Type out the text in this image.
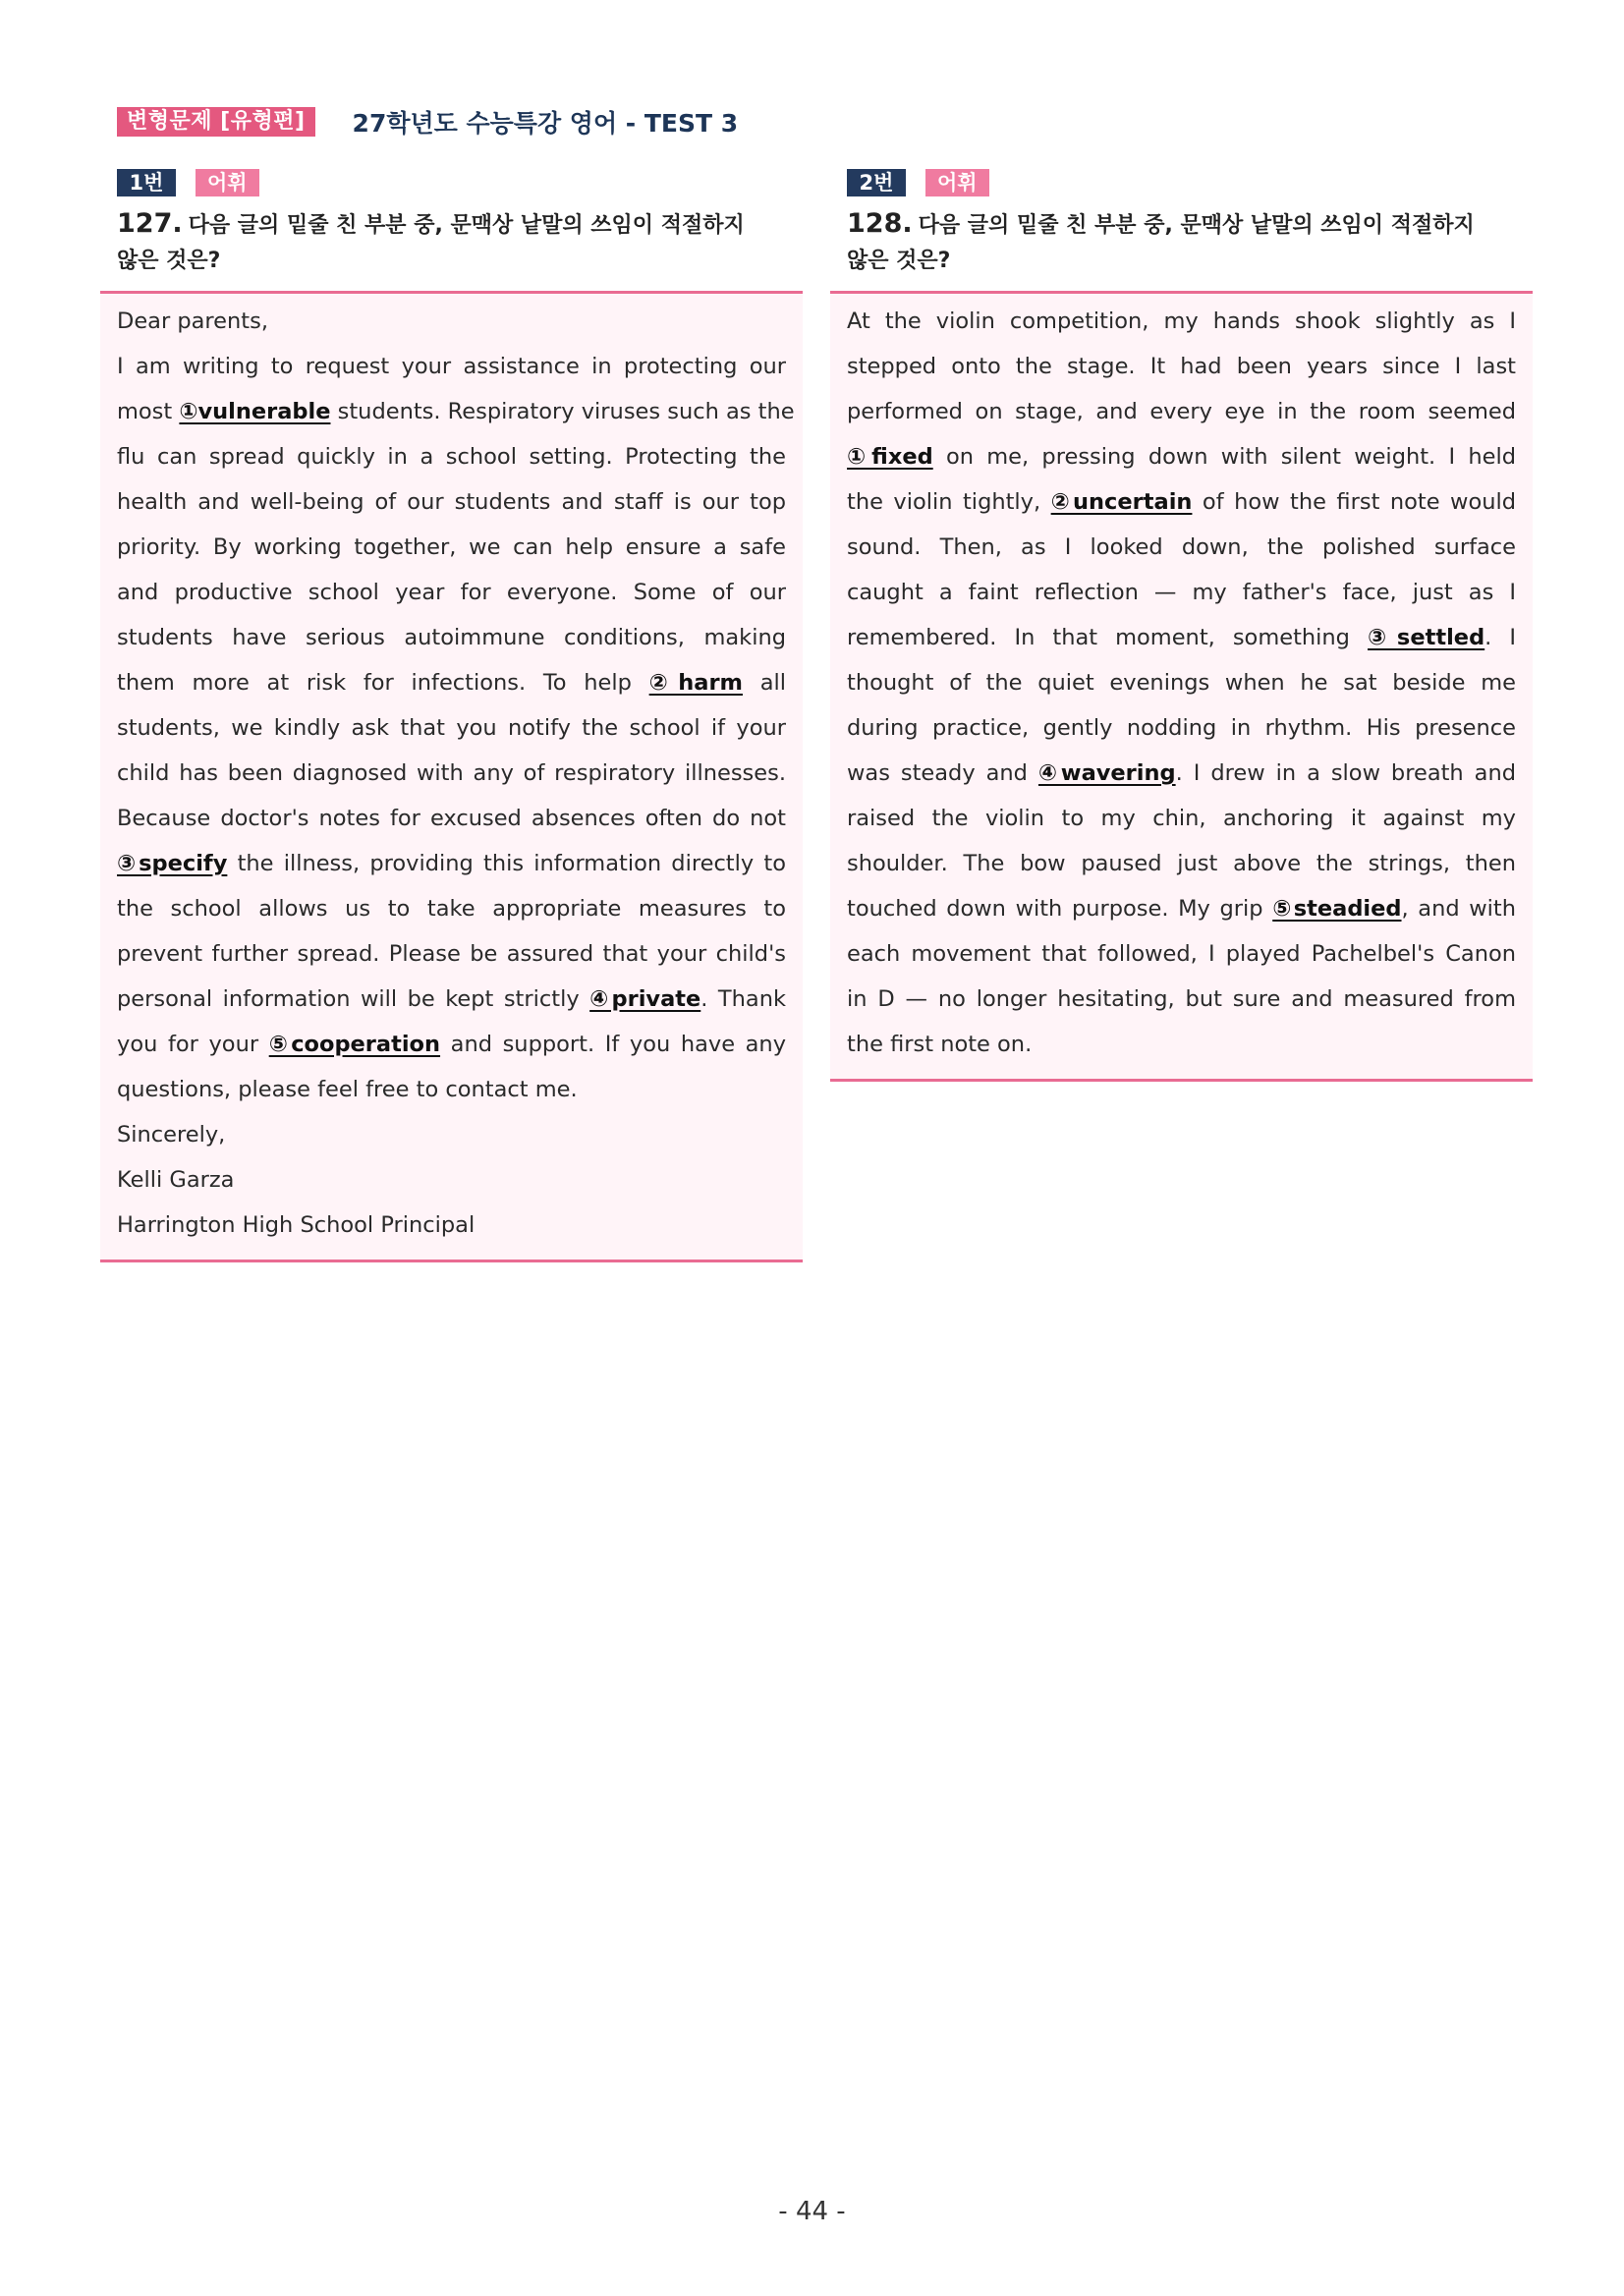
변형문제 [유형편]	27학년도 수능특강 영어 - TEST 3
1번	어휘
127. 다음 글의 밑줄 친 부분 중, 문맥상 낱말의 쓰임이 적절하지
않은 것은?
Dear parents,
I am writing to request your assistance in protecting our
most ①vulnerable students. Respiratory viruses such as the
flu can spread quickly in a school setting. Protecting the
health and well-being of our students and staff is our top
priority. By working together, we can help ensure a safe
and productive school year for everyone. Some of our
students have serious autoimmune conditions, making
them more at risk for infections. To help ②harm all
students, we kindly ask that you notify the school if your
child has been diagnosed with any of respiratory illnesses.
Because doctor's notes for excused absences often do not
③specify the illness, providing this information directly to
the school allows us to take appropriate measures to
prevent further spread. Please be assured that your child's
personal information will be kept strictly ④private. Thank
you for your ⑤cooperation and support. If you have any
questions, please feel free to contact me.
Sincerely,
Kelli Garza
Harrington High School Principal
2번	어휘
128. 다음 글의 밑줄 친 부분 중, 문맥상 낱말의 쓰임이 적절하지
않은 것은?
At the violin competition, my hands shook slightly as I
stepped onto the stage. It had been years since I last
performed on stage, and every eye in the room seemed
①fixed on me, pressing down with silent weight. I held
the violin tightly, ②uncertain of how the first note would
sound. Then, as I looked down, the polished surface
caught a faint reflection — my father's face, just as I
remembered. In that moment, something ③settled. I
thought of the quiet evenings when he sat beside me
during practice, gently nodding in rhythm. His presence
was steady and ④wavering. I drew in a slow breath and
raised the violin to my chin, anchoring it against my
shoulder. The bow paused just above the strings, then
touched down with purpose. My grip ⑤steadied, and with
each movement that followed, I played Pachelbel's Canon
in D — no longer hesitating, but sure and measured from
the first note on.
- 44 -
